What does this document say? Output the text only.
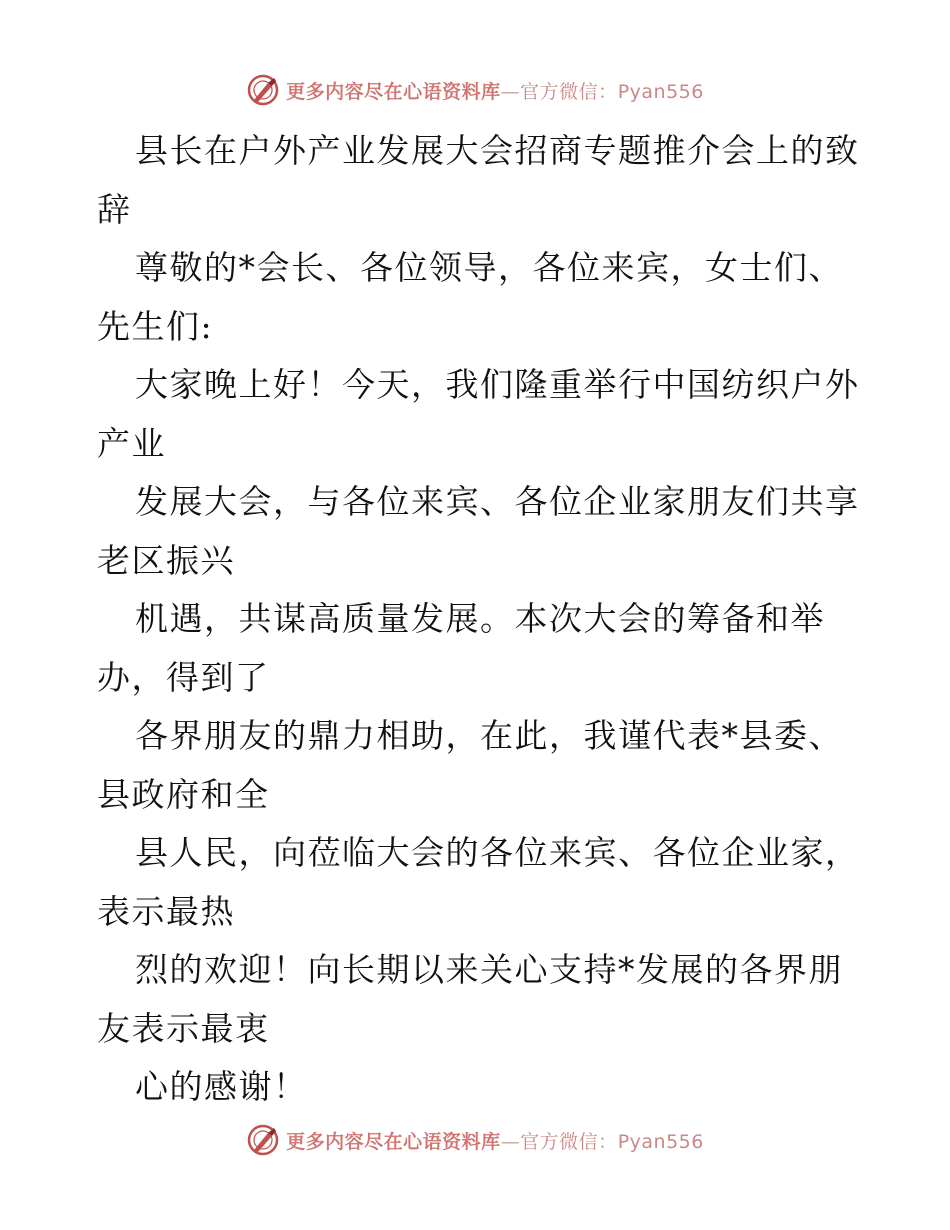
更多内容尽在心语资料库—官方微信：Pyan556
县长在户外产业发展大会招商专题推介会上的致
辞
尊敬的*会长、各位领导，各位来宾，女士们、
先生们:
大家晚上好！今天，我们隆重举行中国纺织户外
产业
发展大会，与各位来宾、各位企业家朋友们共享
老区振兴
机遇，共谋高质量发展。本次大会的筹备和举
办，得到了
各界朋友的鼎力相助，在此，我谨代表*县委、
县政府和全
县人民，向莅临大会的各位来宾、各位企业家，
表示最热
烈的欢迎！向长期以来关心支持*发展的各界朋
友表示最衷
心的感谢！
更多内容尽在心语资料库—官方微信：Pyan556
